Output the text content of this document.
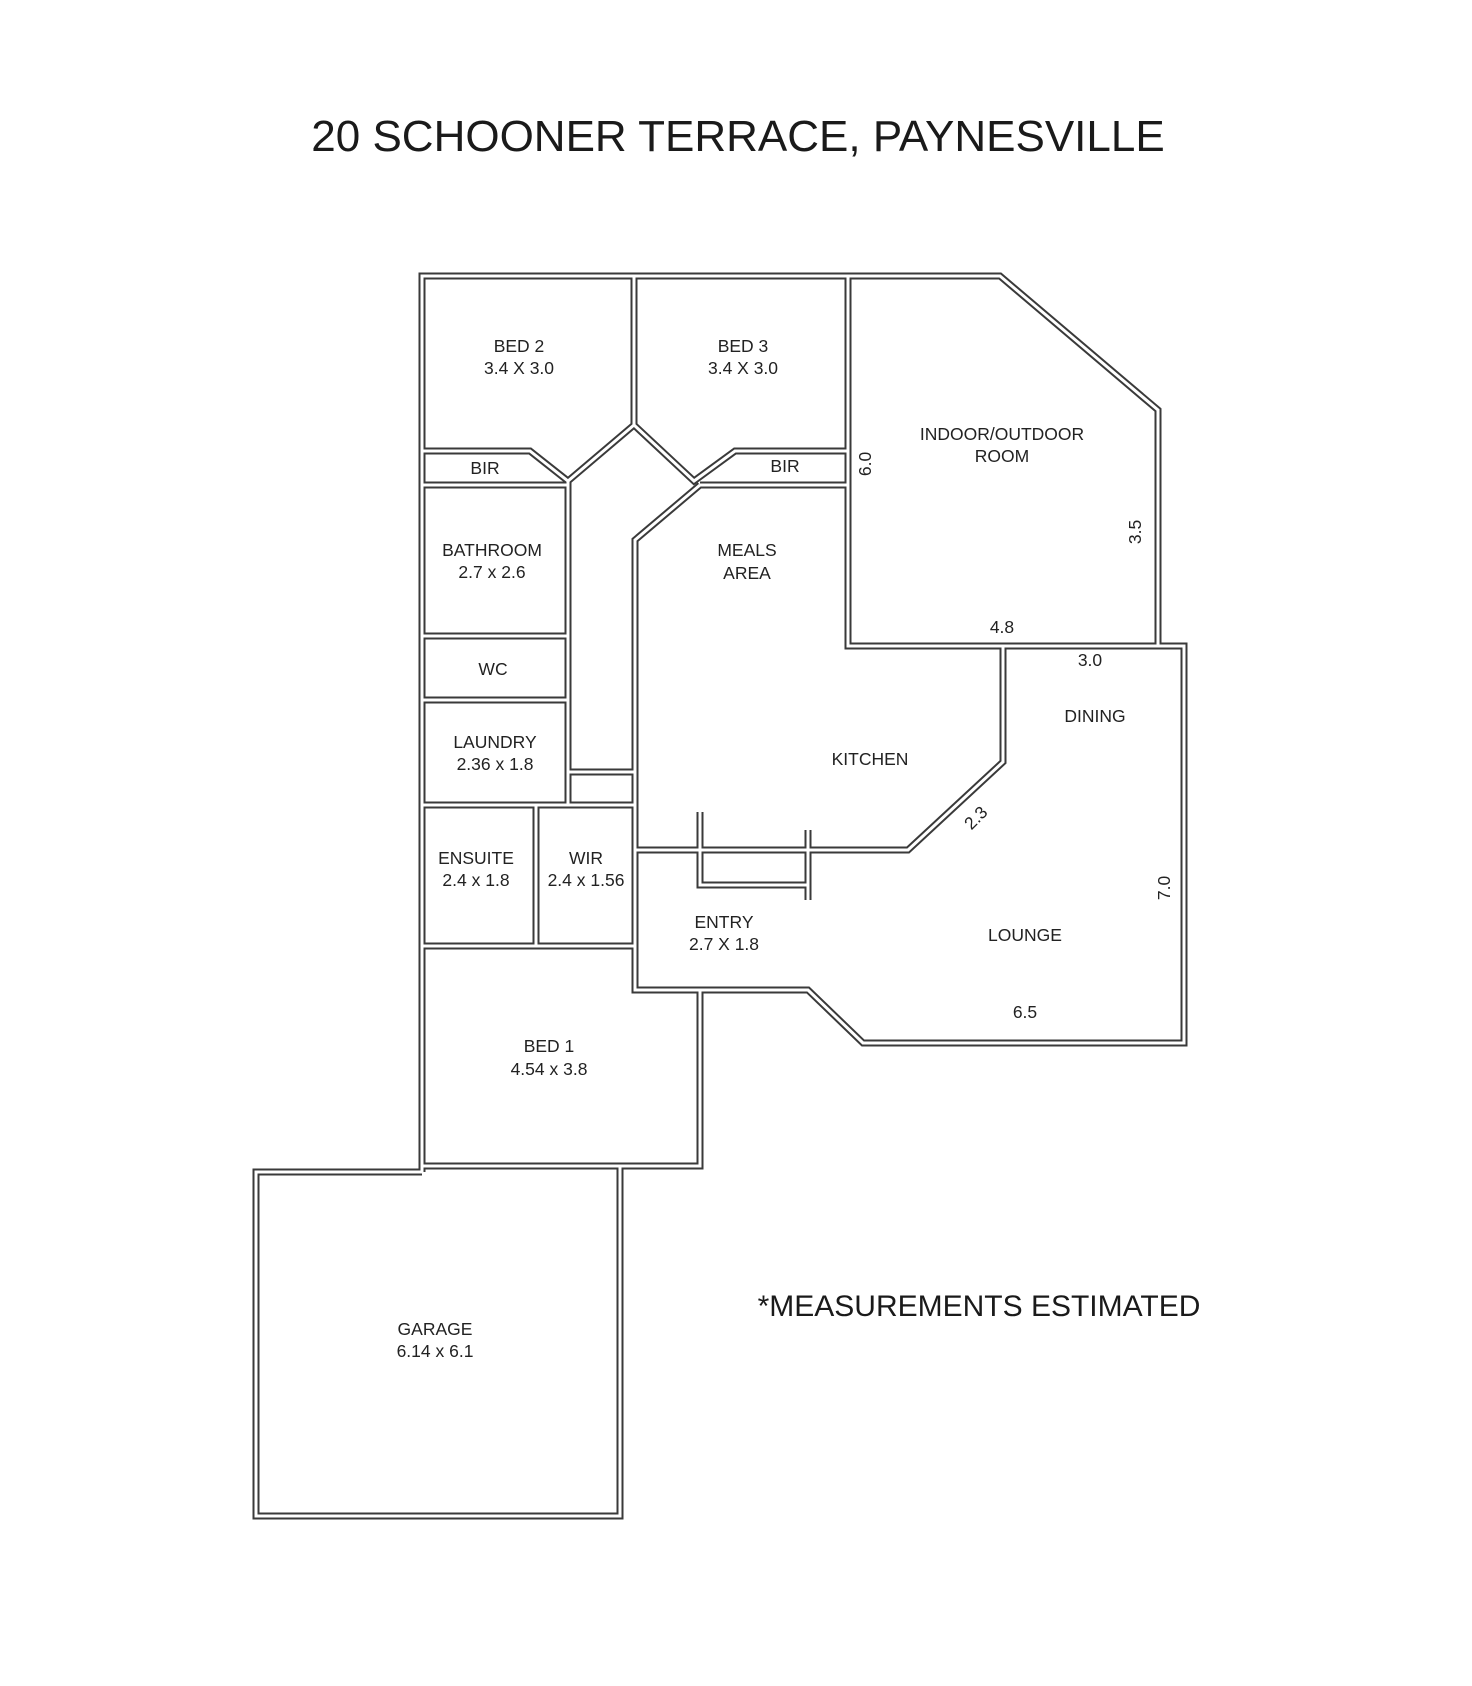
20 SCHOONER TERRACE, PAYNESVILLE
BED 2
3.4 X 3.0
BED 3
3.4 X 3.0
INDOOR/OUTDOOR
ROOM
BIR	BIR
BATHROOM
2.7 x 2.6
MEALS
AREA
WC
DINING
LAUNDRY
2.36 x 1.8	KITCHEN
ENSUITE
2.4 x 1.8
WIR
2.4 x 1.56
ENTRY
2.7 X 1.8	LOUNGE
BED 1
4.54 x 3.8
GARAGE
6.14 x 6.1
6.0
3.5
4.8
3.0
2.3
7.0
6.5
*MEASUREMENTS ESTIMATED
